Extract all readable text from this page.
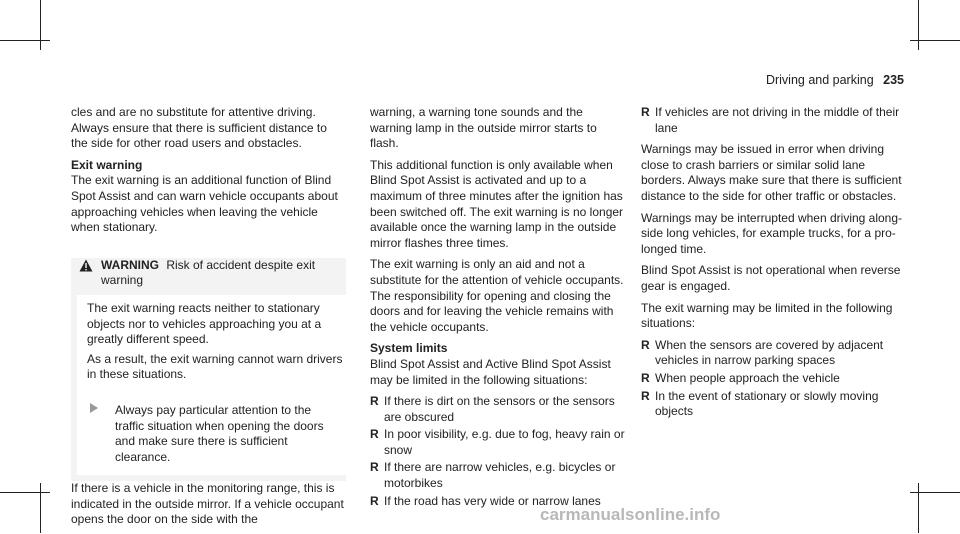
Driving and parking 235

cles and are no substitute for attentive driving. Always ensure that there is sufficient distance to the side for other road users and obstacles.

Exit warning

The exit warning is an additional function of Blind Spot Assist and can warn vehicle occupants about approaching vehicles when leaving the vehicle when stationary.

WARNING Risk of accident despite exit warning

The exit warning reacts neither to stationary objects nor to vehicles approaching you at a greatly different speed.

As a result, the exit warning cannot warn drivers in these situations.

Always pay particular attention to the traffic situation when opening the doors and make sure there is sufficient clearance.

If there is a vehicle in the monitoring range, this is indicated in the outside mirror. If a vehicle occupant opens the door on the side with the

warning, a warning tone sounds and the warning lamp in the outside mirror starts to flash.

This additional function is only available when Blind Spot Assist is activated and up to a maximum of three minutes after the ignition has been switched off. The exit warning is no longer available once the warning lamp in the outside mirror flashes three times.

The exit warning is only an aid and not a substitute for the attention of vehicle occupants. The responsibility for opening and closing the doors and for leaving the vehicle remains with the vehicle occupants.

System limits

Blind Spot Assist and Active Blind Spot Assist may be limited in the following situations:

R If there is dirt on the sensors or the sensors are obscured
R In poor visibility, e.g. due to fog, heavy rain or snow
R If there are narrow vehicles, e.g. bicycles or motorbikes
R If the road has very wide or narrow lanes
R If vehicles are not driving in the middle of their lane

Warnings may be issued in error when driving close to crash barriers or similar solid lane borders. Always make sure that there is sufficient distance to the side for other traffic or obstacles.

Warnings may be interrupted when driving along-side long vehicles, for example trucks, for a pro-longed time.

Blind Spot Assist is not operational when reverse gear is engaged.

The exit warning may be limited in the following situations:

R When the sensors are covered by adjacent vehicles in narrow parking spaces
R When people approach the vehicle
R In the event of stationary or slowly moving objects
carmanualsonline.info
